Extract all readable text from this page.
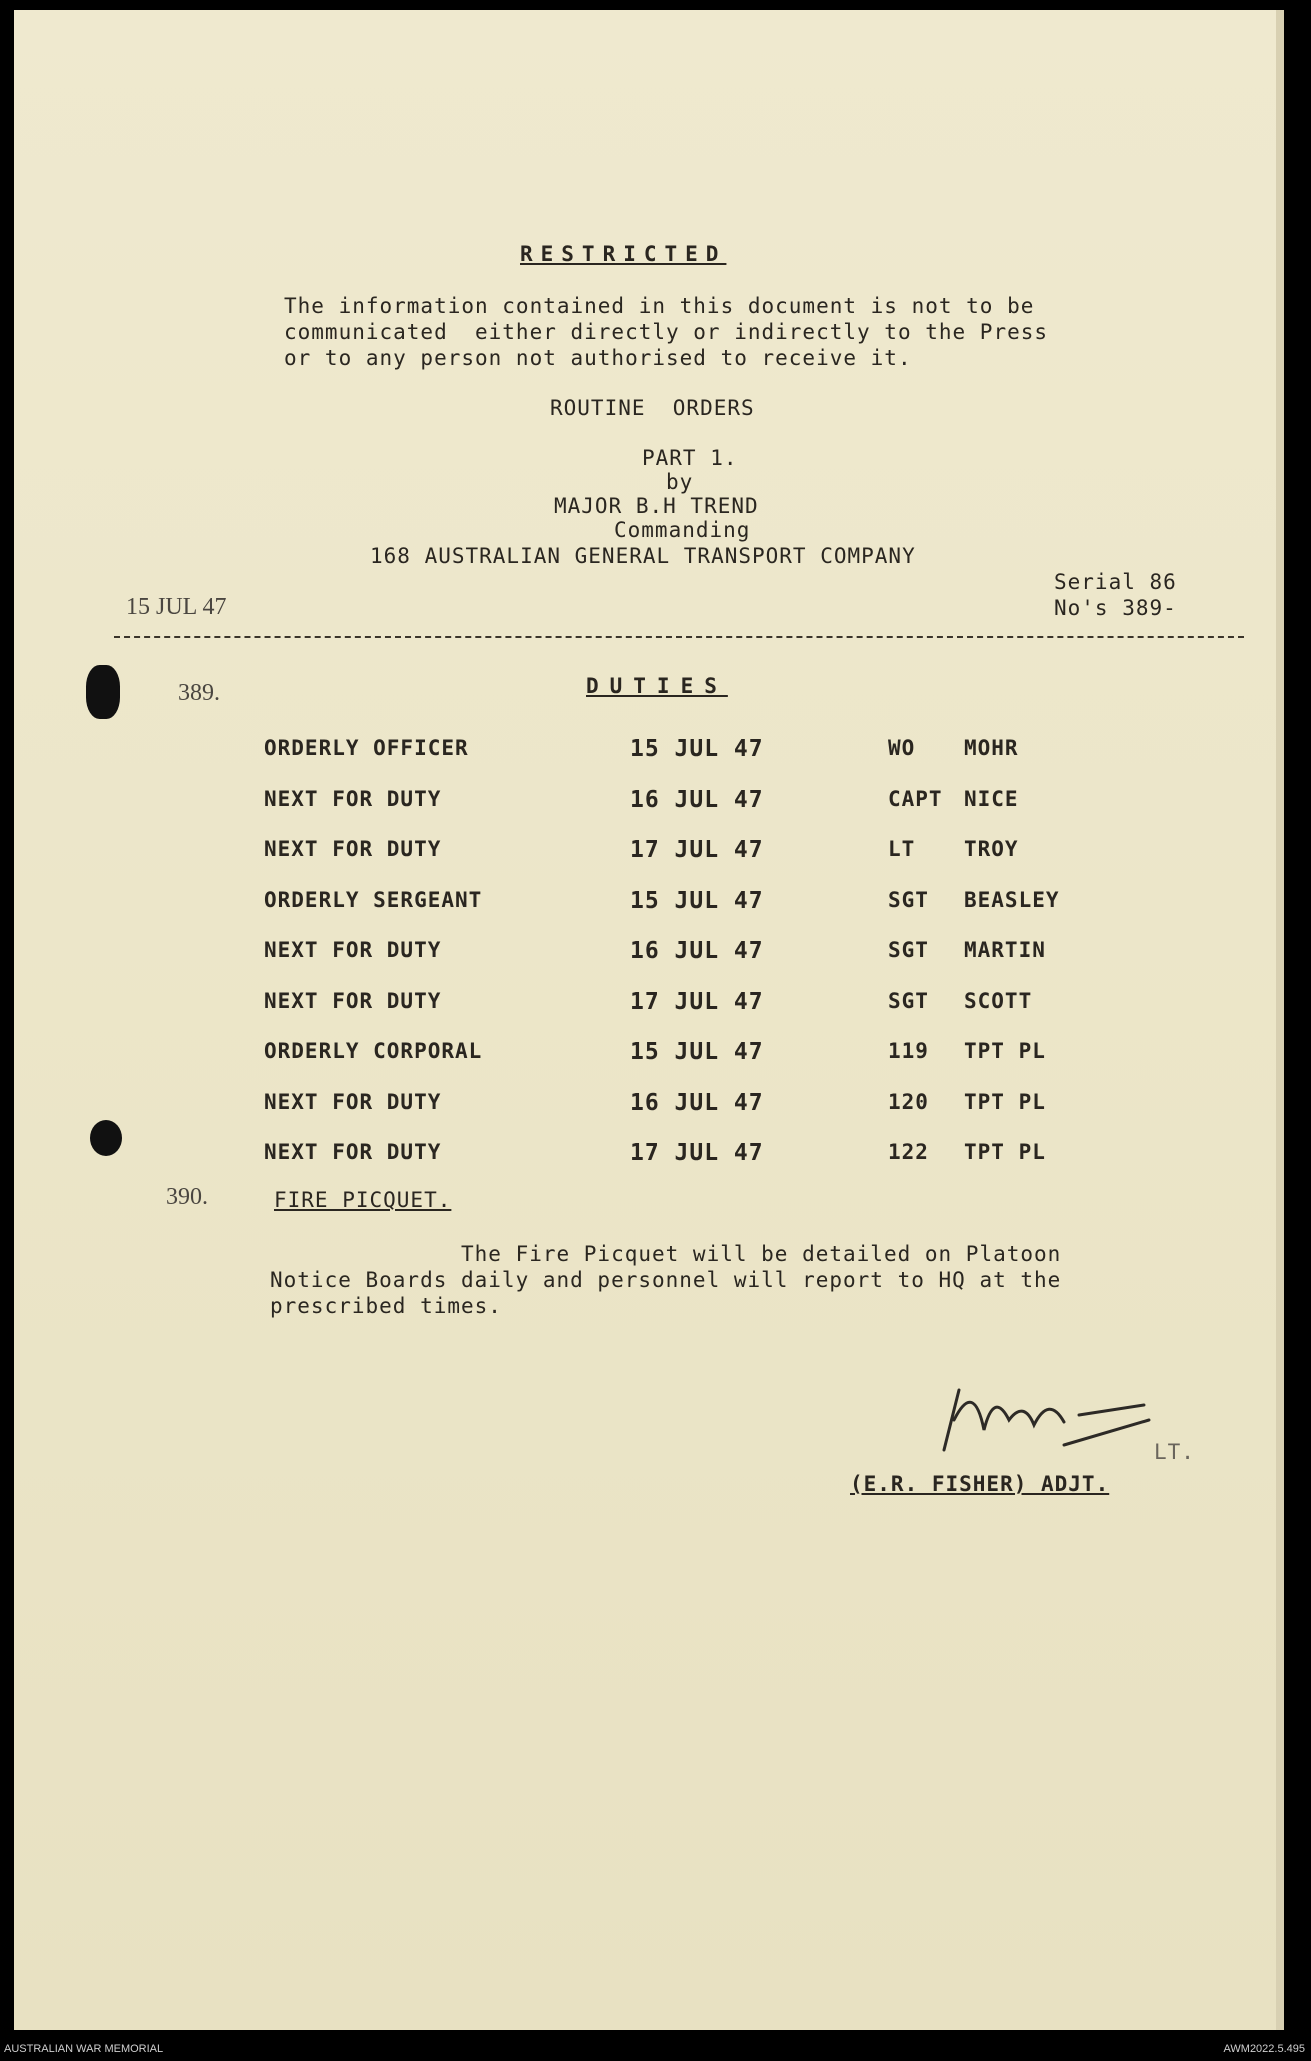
RESTRICTED
The information contained in this document is not to be
communicated  either directly or indirectly to the Press
or to any person not authorised to receive it.
ROUTINE  ORDERS
PART 1.
by
MAJOR B.H TREND
Commanding
168 AUSTRALIAN GENERAL TRANSPORT COMPANY
15 JUL 47
Serial 86
No's 389-
389.	DUTIES
ORDERLY OFFICER	15 JUL 47	WO MOHR
NEXT FOR DUTY	16 JUL 47	CAPT NICE
NEXT FOR DUTY	17 JUL 47	LT TROY
ORDERLY SERGEANT	15 JUL 47	SGT BEASLEY
NEXT FOR DUTY	16 JUL 47	SGT MARTIN
NEXT FOR DUTY	17 JUL 47	SGT SCOTT
ORDERLY CORPORAL	15 JUL 47	119 TPT PL
NEXT FOR DUTY	16 JUL 47	120 TPT PL
NEXT FOR DUTY	17 JUL 47	122 TPT PL
390.	FIRE PICQUET.
The Fire Picquet will be detailed on Platoon
Notice Boards daily and personnel will report to HQ at the
prescribed times.
LT.
(E.R. FISHER) ADJT.
AUSTRALIAN WAR MEMORIAL	AWM2022.5.495
